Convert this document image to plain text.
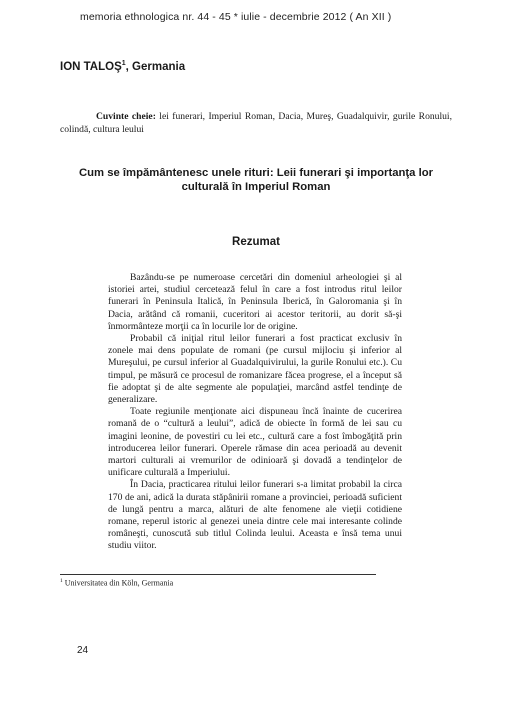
memoria ethnologica nr. 44 - 45 * iulie - decembrie 2012 ( An XII )
ION TALOŞ$^1$, Germania
Cuvinte cheie: lei funerari, Imperiul Roman, Dacia, Mureş, Guadalquivir, gurile Ronului, colindă, cultura leului
Cum se împământenesc unele rituri: Leii funerari şi importanţa lor culturală în Imperiul Roman
Rezumat

Bazându-se pe numeroase cercetări din domeniul arheologiei şi al istoriei artei, studiul cercetează felul în care a fost introdus ritul leilor funerari în Peninsula Italică, în Peninsula Iberică, în Galoromania şi în Dacia, arătând că romanii, cuceritori ai acestor teritorii, au dorit să-şi înmormânteze morţii ca în locurile lor de origine.

Probabil că iniţial ritul leilor funerari a fost practicat exclusiv în zonele mai dens populate de romani (pe cursul mijlociu şi inferior al Mureşului, pe cursul inferior al Guadalquivirului, la gurile Ronului etc.). Cu timpul, pe măsură ce procesul de romanizare făcea progrese, el a început să fie adoptat şi de alte segmente ale populaţiei, marcând astfel tendinţe de generalizare.

Toate regiunile menţionate aici dispuneau încă înainte de cucerirea romană de o “cultură a leului”, adică de obiecte în formă de lei sau cu imagini leonine, de povestiri cu lei etc., cultură care a fost îmbogăţită prin introducerea leilor funerari. Operele rămase din acea perioadă au devenit martori culturali ai vremurilor de odinioară şi dovadă a tendinţelor de unificare culturală a Imperiului.

În Dacia, practicarea ritului leilor funerari s-a limitat probabil la circa 170 de ani, adică la durata stăpânirii romane a provinciei, perioadă suficient de lungă pentru a marca, alături de alte fenomene ale vieţii cotidiene romane, reperul istoric al genezei uneia dintre cele mai interesante colinde româneşti, cunoscută sub titlul Colinda leului. Aceasta e însă tema unui studiu viitor.

$^1$ Universitatea din Köln, Germania
24
